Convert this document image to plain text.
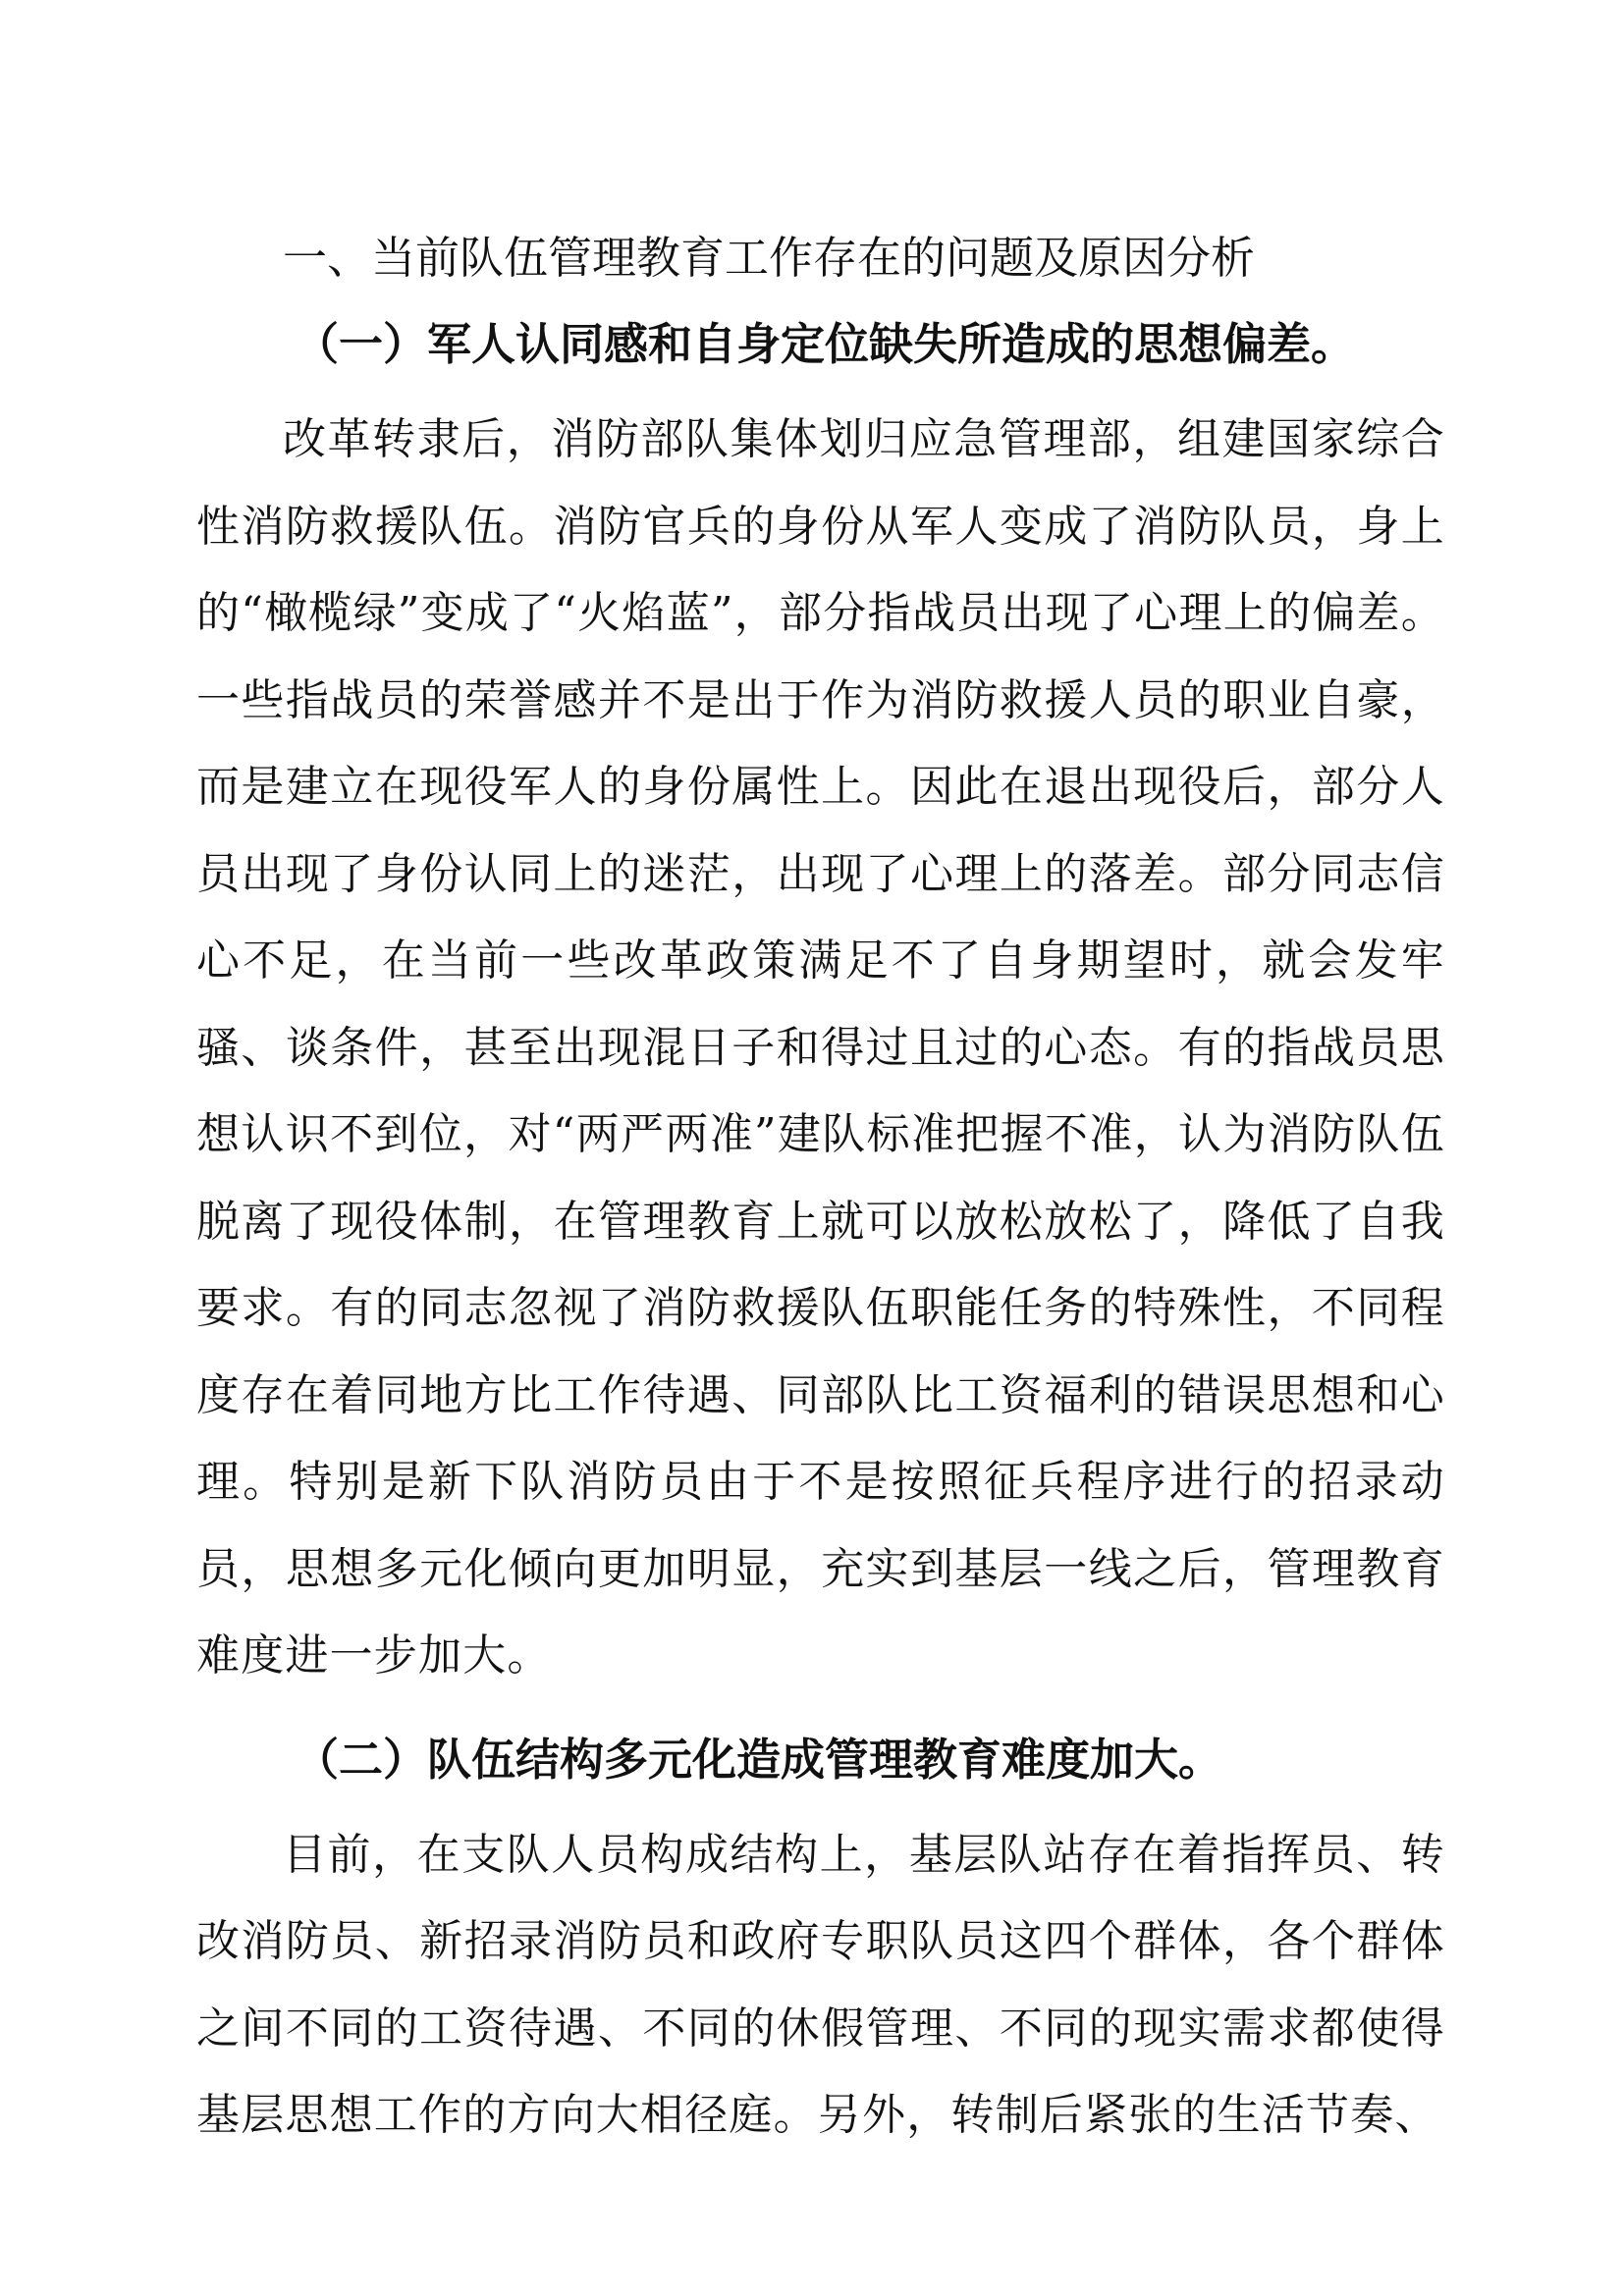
一、当前队伍管理教育工作存在的问题及原因分析
（一）军人认同感和自身定位缺失所造成的思想偏差。

改革转隶后，消防部队集体划归应急管理部，组建国家综合性消防救援队伍。消防官兵的身份从军人变成了消防队员，身上的“橄榄绿”变成了“火焰蓝”，部分指战员出现了心理上的偏差。一些指战员的荣誉感并不是出于作为消防救援人员的职业自豪，而是建立在现役军人的身份属性上。因此在退出现役后，部分人员出现了身份认同上的迷茫，出现了心理上的落差。部分同志信心不足，在当前一些改革政策满足不了自身期望时，就会发牢骚、谈条件，甚至出现混日子和得过且过的心态。有的指战员思想认识不到位，对“两严两准”建队标准把握不准，认为消防队伍脱离了现役体制，在管理教育上就可以放松放松了，降低了自我要求。有的同志忽视了消防救援队伍职能任务的特殊性，不同程度存在着同地方比工作待遇、同部队比工资福利的错误思想和心理。特别是新下队消防员由于不是按照征兵程序进行的招录动员，思想多元化倾向更加明显，充实到基层一线之后，管理教育难度进一步加大。

（二）队伍结构多元化造成管理教育难度加大。

目前，在支队人员构成结构上，基层队站存在着指挥员、转改消防员、新招录消防员和政府专职队员这四个群体，各个群体之间不同的工资待遇、不同的休假管理、不同的现实需求都使得基层思想工作的方向大相径庭。另外，转制后紧张的生活节奏、
